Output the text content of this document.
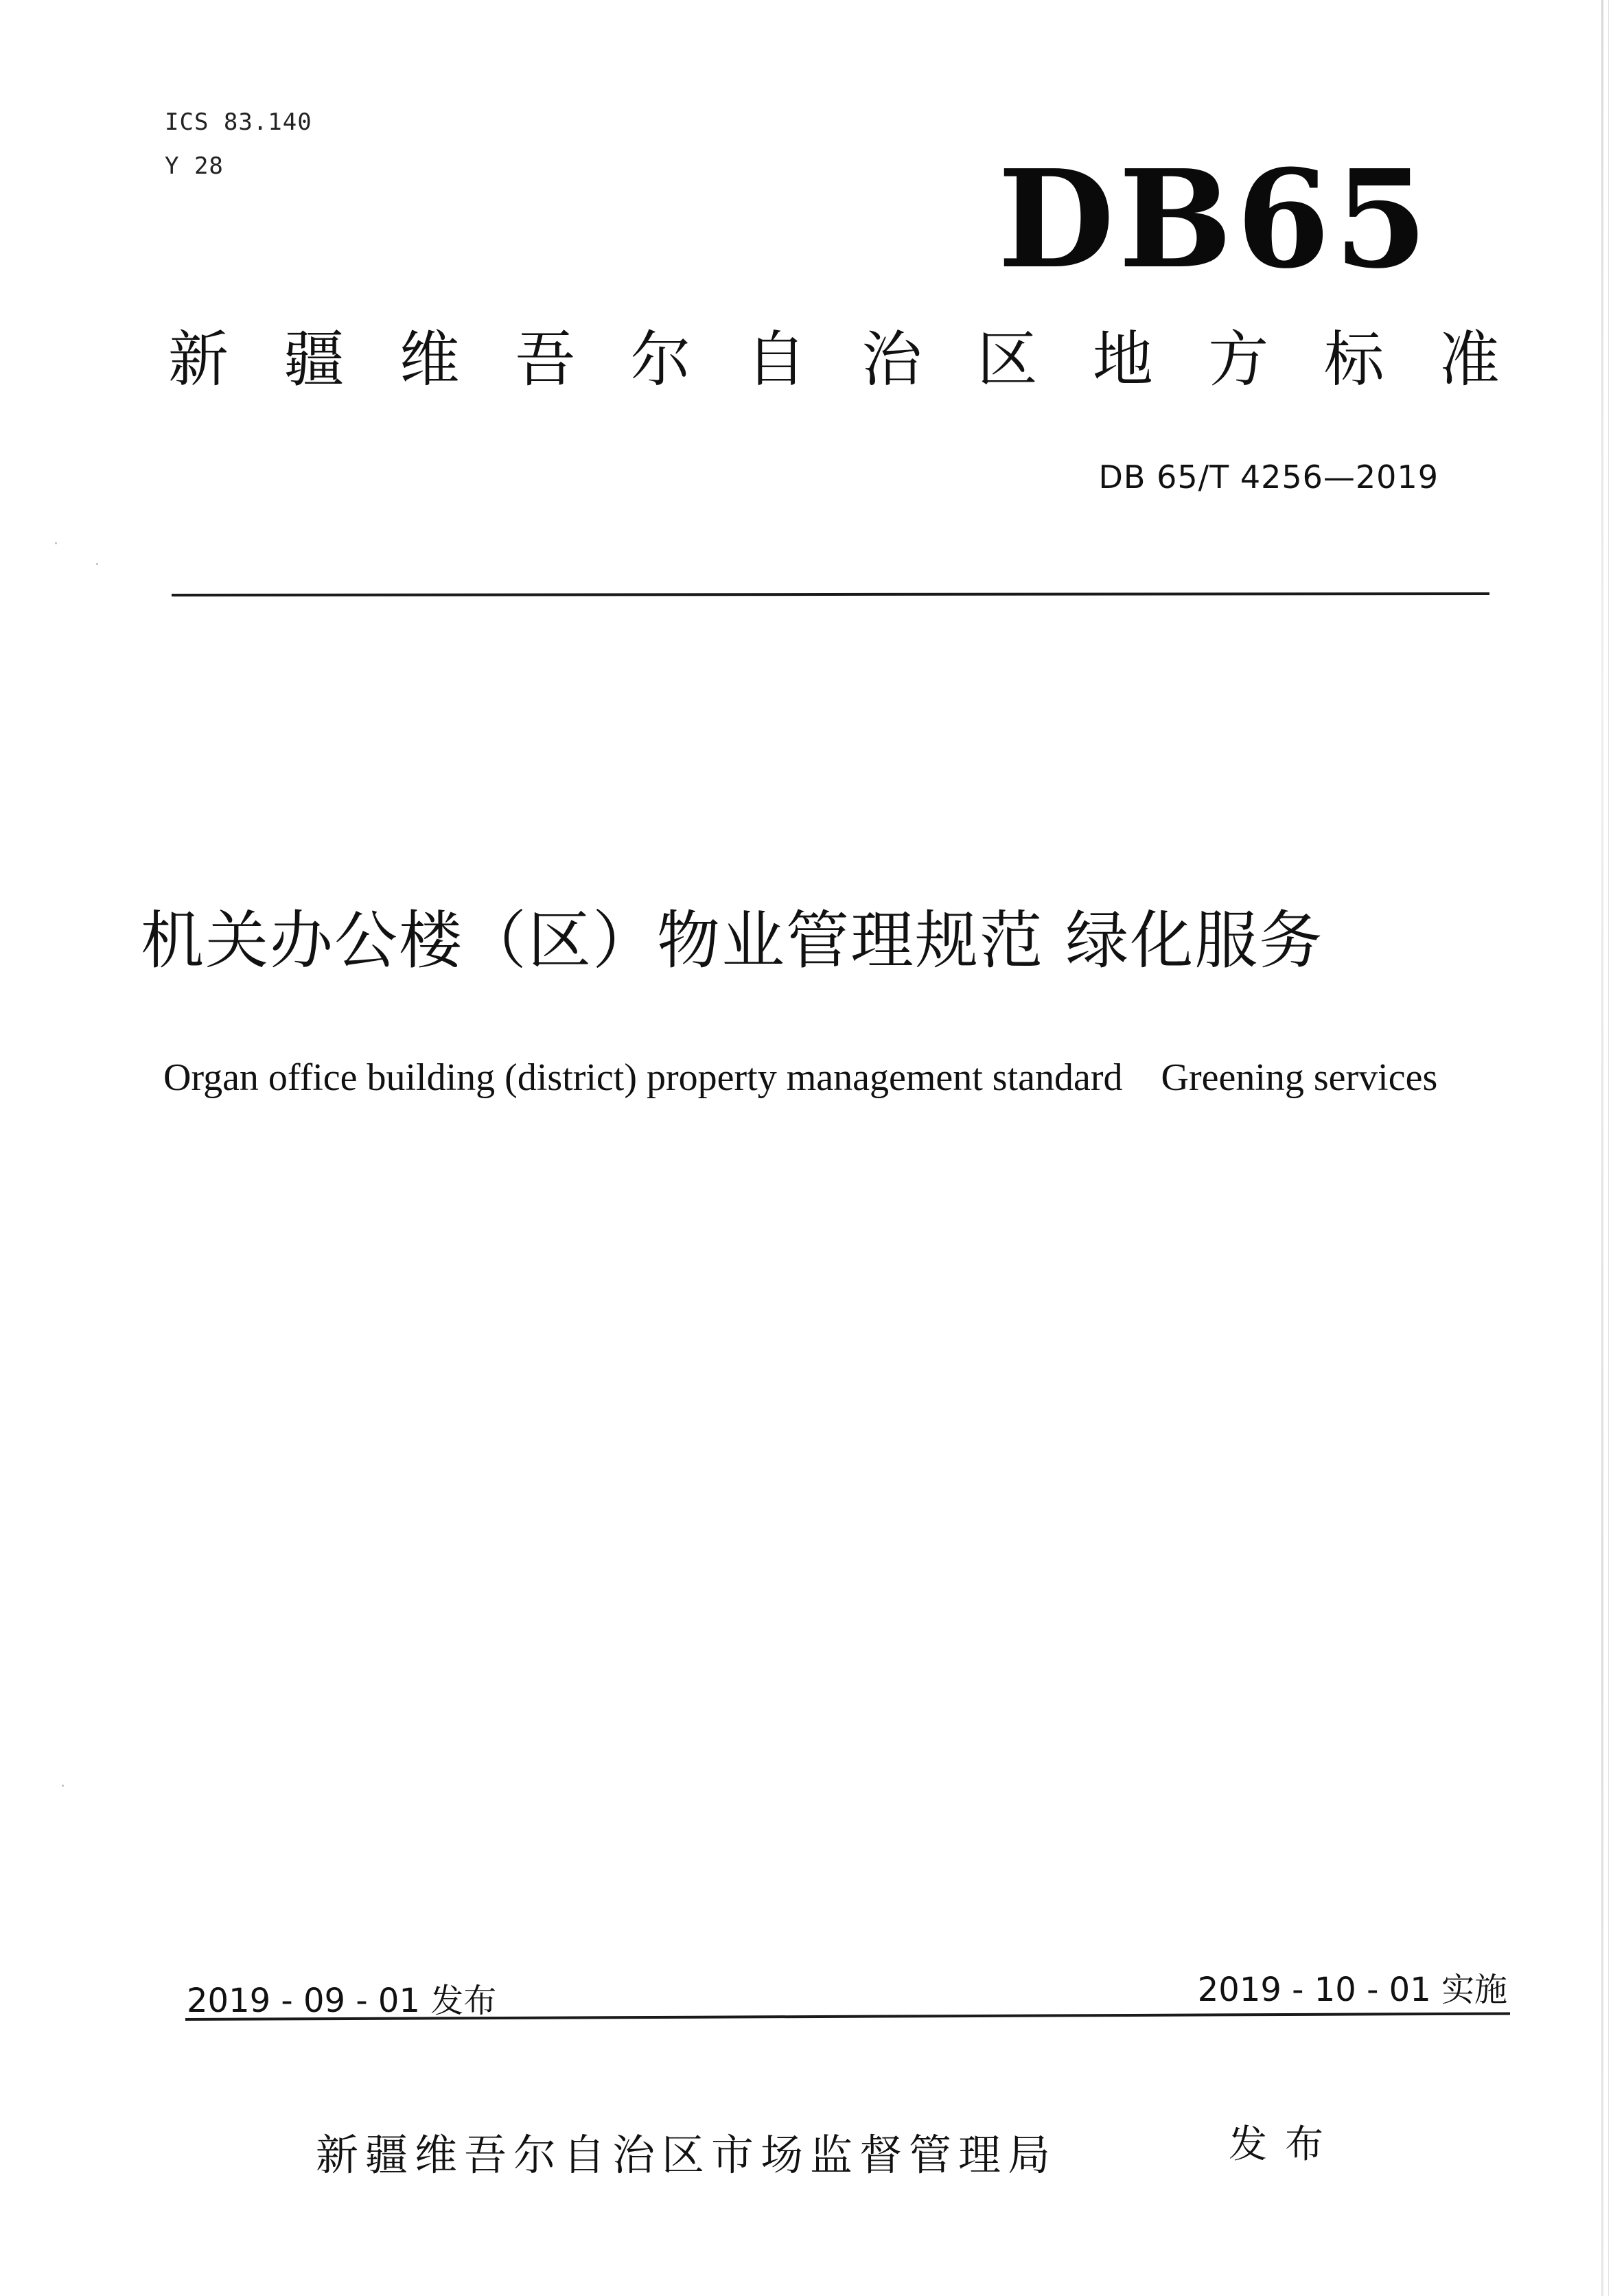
ICS 83.140
Y 28	DB65
新 疆 维 吾 尔 自 治 区 地 方 标 准
DB 65/T 4256—2019
机关办公楼（区）物业管理规范 绿化服务
Organ office building (district) property management standard Greening services
2019 - 09 - 01 发布	2019 - 10 - 01 实施
新疆维吾尔自治区市场监督管理局	发布
